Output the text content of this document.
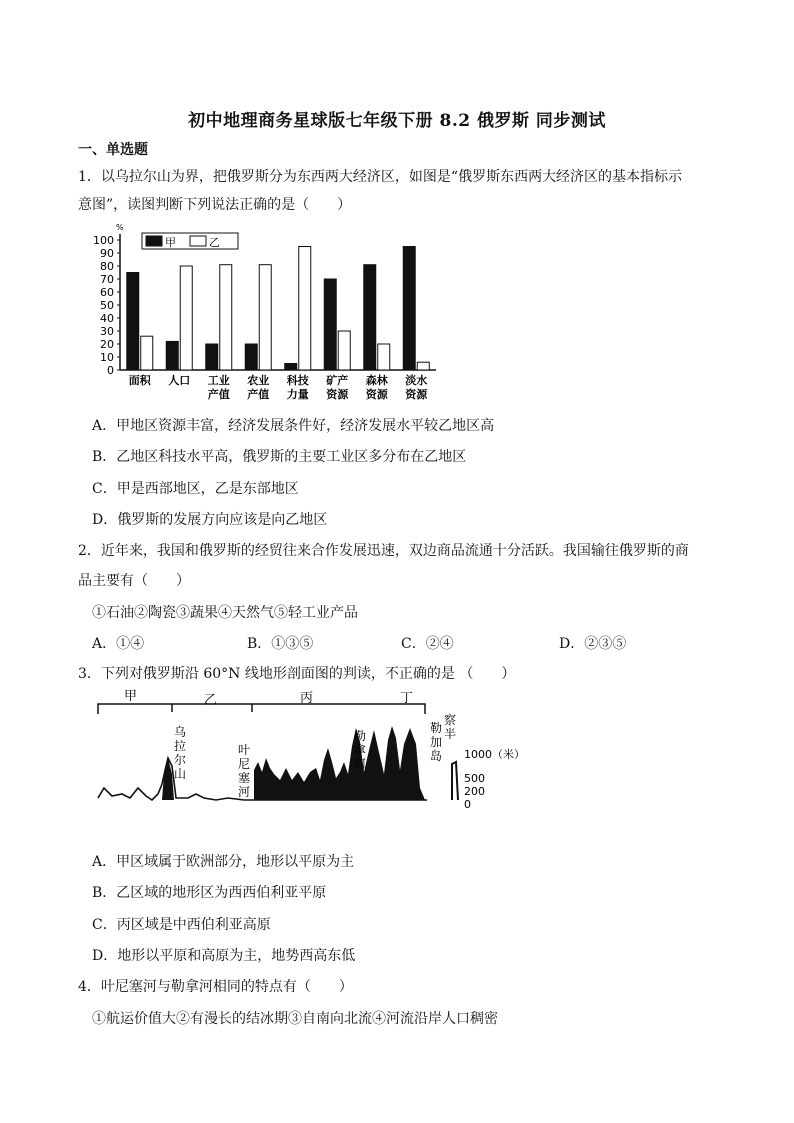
初中地理商务星球版七年级下册 8.2 俄罗斯 同步测试
一、单选题
1．以乌拉尔山为界，把俄罗斯分为东西两大经济区，如图是“俄罗斯东西两大经济区的基本指标示
意图”，读图判断下列说法正确的是（　　）
%
0
10
20
30
40
50
60
70
80
90
100
面积 人口 工业
产值
农业
产值
科技
力量
矿产
资源
森林
资源
淡水
资源
甲	乙
A．甲地区资源丰富，经济发展条件好，经济发展水平较乙地区高
B．乙地区科技水平高，俄罗斯的主要工业区多分布在乙地区
C．甲是西部地区，乙是东部地区
D．俄罗斯的发展方向应该是向乙地区
2．近年来，我国和俄罗斯的经贸往来合作发展迅速，双边商品流通十分活跃。我国输往俄罗斯的商
品主要有（　　）
①石油②陶瓷③蔬果④天然气⑤轻工业产品
A．①④	B．①③⑤	C．②④	D．②③⑤
3．下列对俄罗斯沿 60°N 线地形剖面图的判读，不正确的是 （　　）
甲	乙	丙	丁
乌拉尔山
叶尼塞河
勒拿河
勒加岛
察半
1000（米）
500
200
0
A．甲区域属于欧洲部分，地形以平原为主
B．乙区域的地形区为西西伯利亚平原
C．丙区域是中西伯利亚高原
D．地形以平原和高原为主，地势西高东低
4．叶尼塞河与勒拿河相同的特点有（　　）
①航运价值大②有漫长的结冰期③自南向北流④河流沿岸人口稠密
